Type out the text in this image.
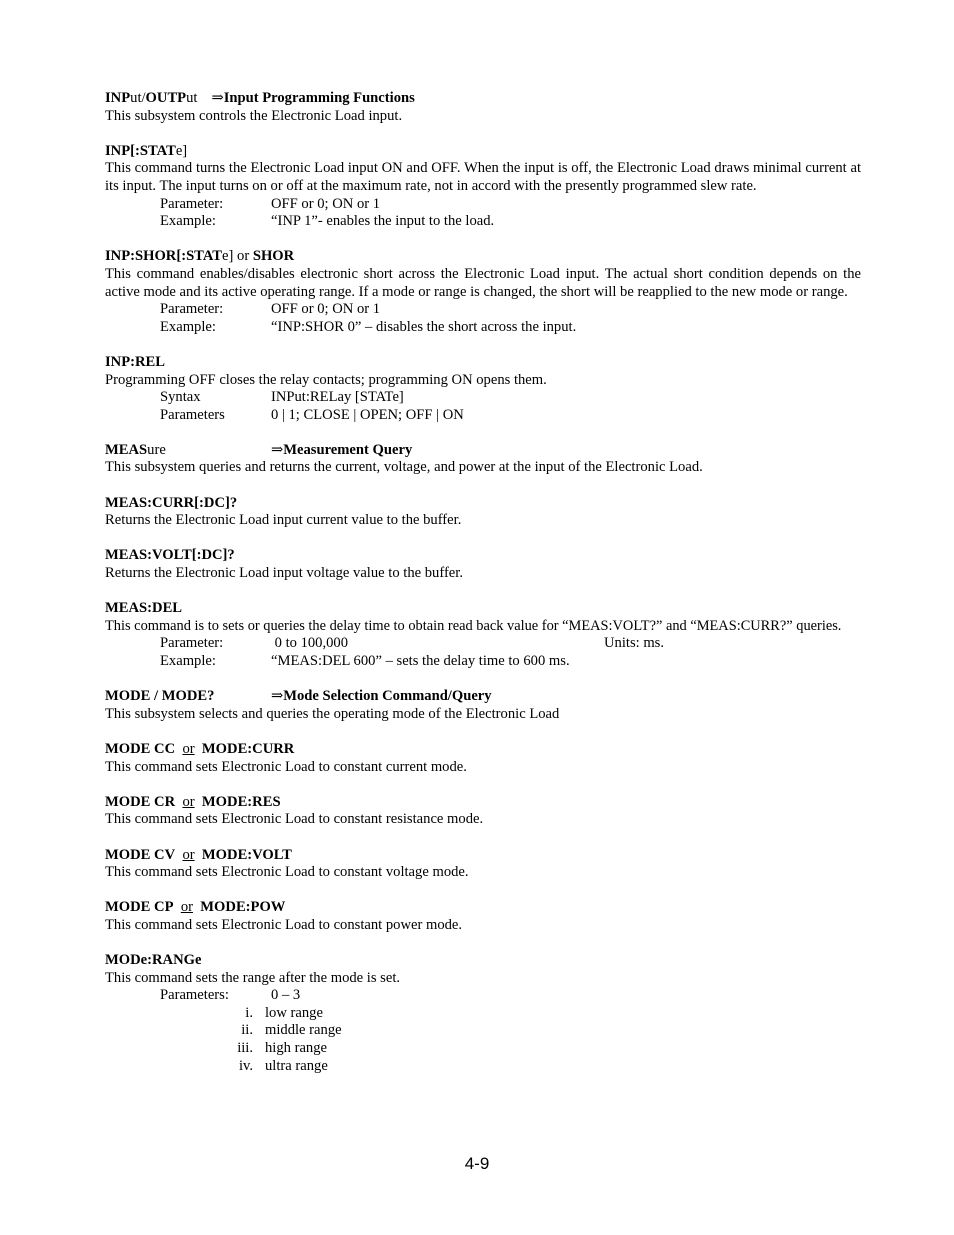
INPut/OUTPut ⇒Input Programming Functions
This subsystem controls the Electronic Load input.
INP[:STATe]
This command turns the Electronic Load input ON and OFF. When the input is off, the Electronic Load draws minimal current at its input. The input turns on or off at the maximum rate, not in accord with the presently programmed slew rate.
Parameter:	OFF or 0; ON or 1
Example:	“INP 1”- enables the input to the load.
INP:SHOR[:STATe] or SHOR
This command enables/disables electronic short across the Electronic Load input. The actual short condition depends on the active mode and its active operating range. If a mode or range is changed, the short will be reapplied to the new mode or range.
Parameter:	OFF or 0; ON or 1
Example:	“INP:SHOR 0” – disables the short across the input.
INP:REL
Programming OFF closes the relay contacts; programming ON opens them.
Syntax	INPut:RELay [STATe]
Parameters	0 | 1; CLOSE | OPEN; OFF | ON
MEASure	⇒Measurement Query
This subsystem queries and returns the current, voltage, and power at the input of the Electronic Load.
MEAS:CURR[:DC]?
Returns the Electronic Load input current value to the buffer.
MEAS:VOLT[:DC]?
Returns the Electronic Load input voltage value to the buffer.
MEAS:DEL
This command is to sets or queries the delay time to obtain read back value for “MEAS:VOLT?” and “MEAS:CURR?” queries.
Parameter:	0 to 100,000	Units: ms.
Example:	“MEAS:DEL 600” – sets the delay time to 600 ms.
MODE / MODE?	⇒Mode Selection Command/Query
This subsystem selects and queries the operating mode of the Electronic Load
MODE CC or MODE:CURR
This command sets Electronic Load to constant current mode.
MODE CR or MODE:RES
This command sets Electronic Load to constant resistance mode.
MODE CV or MODE:VOLT
This command sets Electronic Load to constant voltage mode.
MODE CP or MODE:POW
This command sets Electronic Load to constant power mode.
MODe:RANGe
This command sets the range after the mode is set.
Parameters:	0 – 3
i. low range
ii. middle range
iii. high range
iv. ultra range
4-9
